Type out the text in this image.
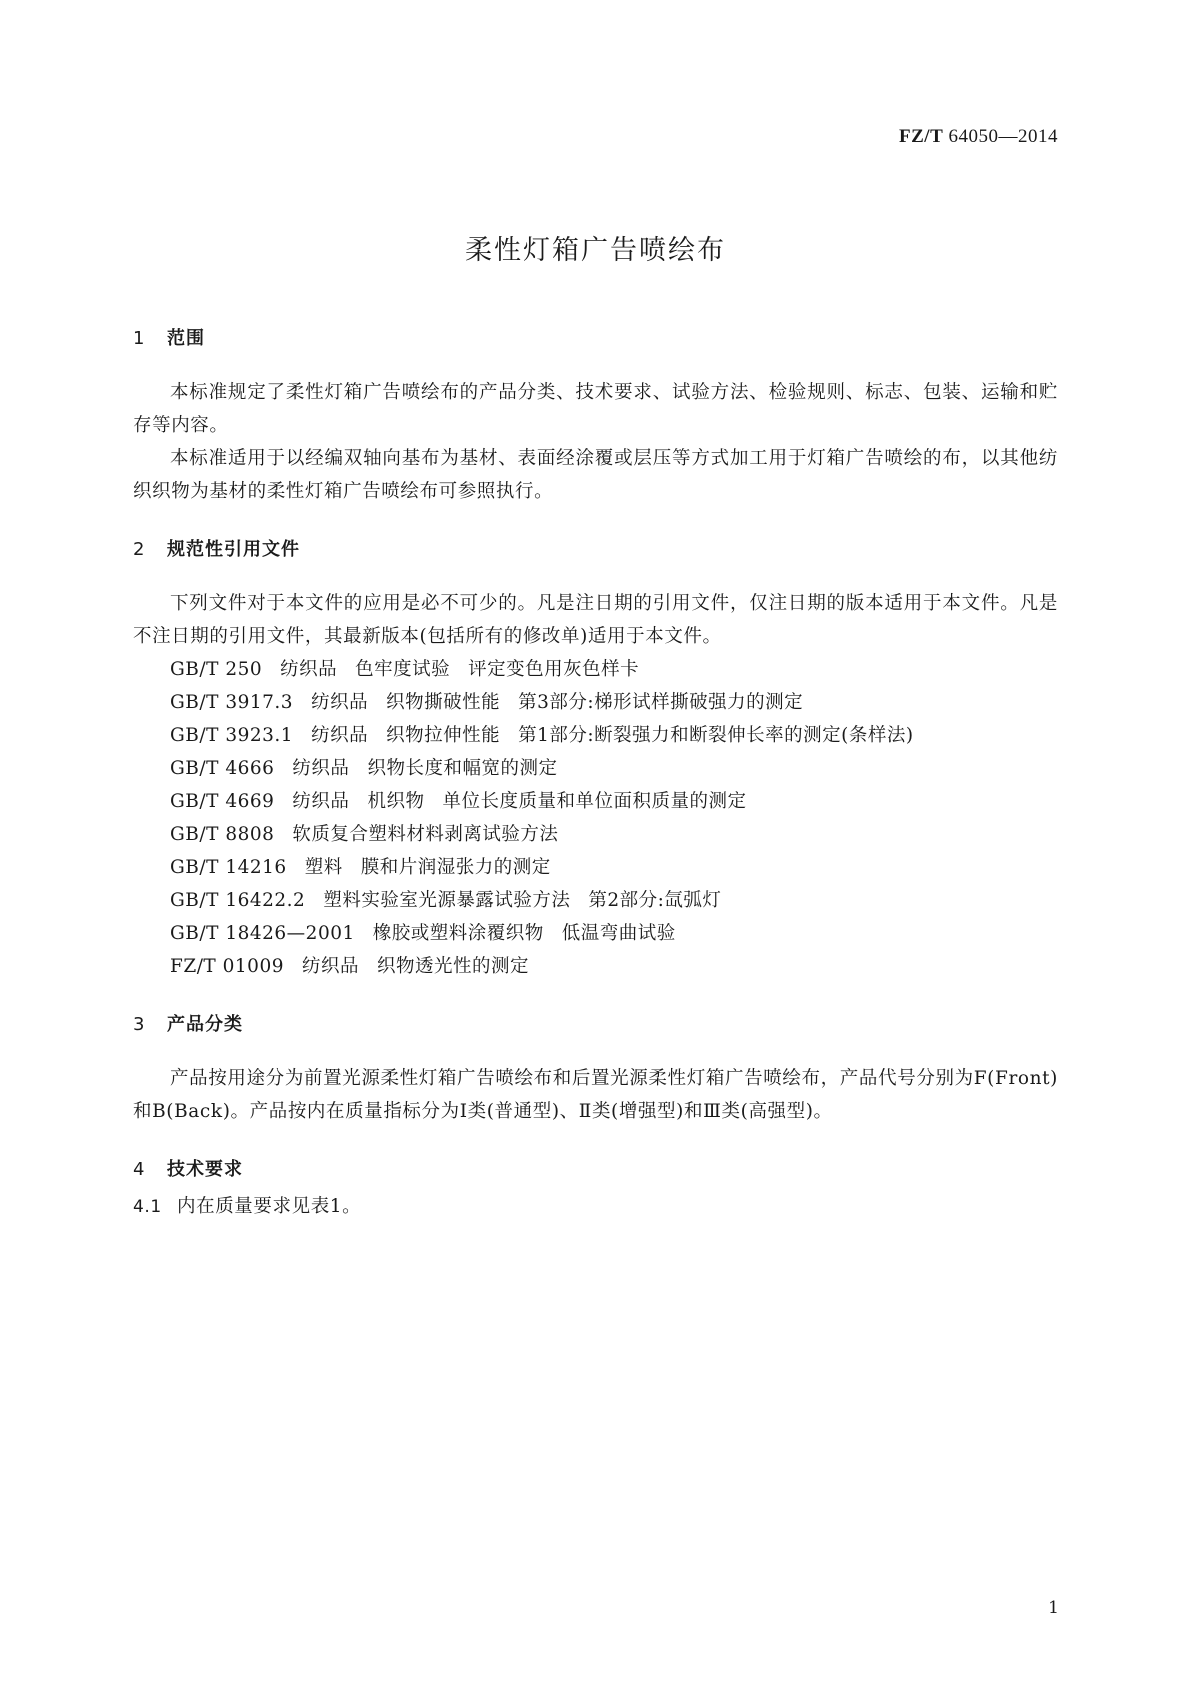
FZ/T 64050—2014
柔性灯箱广告喷绘布
1 范围

本标准规定了柔性灯箱广告喷绘布的产品分类、技术要求、试验方法、检验规则、标志、包装、运输和贮存等内容。

本标准适用于以经编双轴向基布为基材、表面经涂覆或层压等方式加工用于灯箱广告喷绘的布，以其他纺织织物为基材的柔性灯箱广告喷绘布可参照执行。

2 规范性引用文件

下列文件对于本文件的应用是必不可少的。凡是注日期的引用文件，仅注日期的版本适用于本文件。凡是不注日期的引用文件，其最新版本(包括所有的修改单)适用于本文件。

GB/T 250 纺织品 色牢度试验 评定变色用灰色样卡
GB/T 3917.3 纺织品 织物撕破性能 第3部分:梯形试样撕破强力的测定
GB/T 3923.1 纺织品 织物拉伸性能 第1部分:断裂强力和断裂伸长率的测定(条样法)
GB/T 4666 纺织品 织物长度和幅宽的测定
GB/T 4669 纺织品 机织物 单位长度质量和单位面积质量的测定
GB/T 8808 软质复合塑料材料剥离试验方法
GB/T 14216 塑料 膜和片润湿张力的测定
GB/T 16422.2 塑料实验室光源暴露试验方法 第2部分:氙弧灯
GB/T 18426—2001 橡胶或塑料涂覆织物 低温弯曲试验
FZ/T 01009 纺织品 织物透光性的测定
3 产品分类

产品按用途分为前置光源柔性灯箱广告喷绘布和后置光源柔性灯箱广告喷绘布，产品代号分别为F(Front)和B(Back)。产品按内在质量指标分为Ⅰ类(普通型)、Ⅱ类(增强型)和Ⅲ类(高强型)。

4 技术要求

4.1 内在质量要求见表1。

1
